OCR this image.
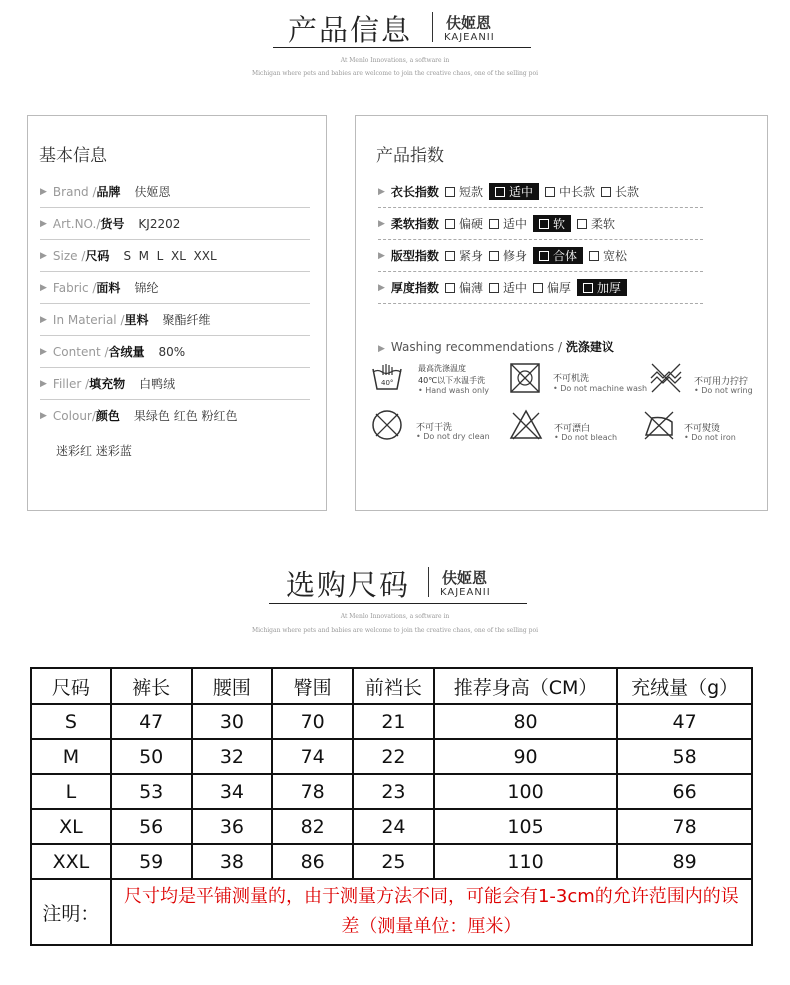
产品信息 伕姬恩
KAJEANII
At Menlo Innovations, a software in
Michigan where pets and babies are welcome to join the creative chaos, one of the selling poi
基本信息
▶ Brand / 品牌 伕姬恩
▶ Art.NO./ 货号 KJ2202
▶ Size / 尺码 S  M  L  XL  XXL
▶ Fabric / 面料 锦纶
▶ In Material / 里料 聚酯纤维
▶ Content / 含绒量 80%
▶ Filler / 填充物 白鸭绒
▶ Colour/ 颜色 果绿色 红色 粉红色
迷彩红 迷彩蓝
产品指数
▶ 衣长指数	短款	适中	中长款	长款
▶ 柔软指数	偏硬	适中	软	柔软
▶ 版型指数	紧身	修身	合体	宽松
▶ 厚度指数	偏薄	适中	偏厚	加厚
▶ Washing recommendations / 洗涤建议
40°
最高洗涤温度
40℃以下水温手洗
• Hand wash only
不可机洗
• Do not machine wash
不可用力拧拧
• Do not wring
不可干洗
• Do not dry clean
不可漂白
• Do not bleach
不可熨烫
• Do not iron
选购尺码 伕姬恩
KAJEANII
At Menlo Innovations, a software in
Michigan where pets and babies are welcome to join the creative chaos, one of the selling poi
尺码	裤长	腰围	臀围	前裆长	推荐身高（CM）	充绒量（g）
S	47	30	70	21	80	47
M	50	32	74	22	90	58
L	53	34	78	23	100	66
XL	56	36	82	24	105	78
XXL	59	38	86	25	110	89
注明：	尺寸均是平铺测量的，由于测量方法不同，可能会有1-3cm的允许范围内的误差（测量单位：厘米）					
